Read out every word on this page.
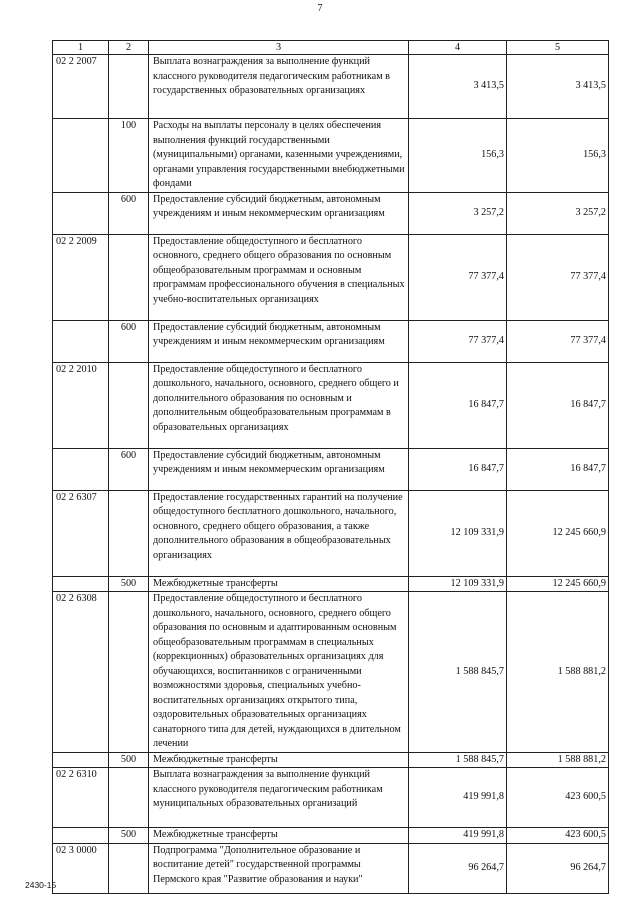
7
1	2	3	4	5
02 2 2007		Выплата вознаграждения за выполнение функций классного руководителя педагогическим работникам в государственных образовательных организациях	3 413,5	3 413,5
	100	Расходы на выплаты персоналу в целях обеспечения выполнения функций государственными (муниципальными) органами, казенными учреждениями, органами управления государственными внебюджетными фондами	156,3	156,3
	600	Предоставление субсидий бюджетным, автономным учреждениям и иным некоммерческим организациям	3 257,2	3 257,2
02 2 2009		Предоставление общедоступного и бесплатного основного, среднего общего образования по основным общеобразовательным программам и основным программам профессионального обучения в специальных учебно-воспитательных организациях	77 377,4	77 377,4
	600	Предоставление субсидий бюджетным, автономным учреждениям и иным некоммерческим организациям	77 377,4	77 377,4
02 2 2010		Предоставление общедоступного и бесплатного дошкольного, начального, основного, среднего общего и дополнительного образования по основным и дополнительным общеобразовательным программам в образовательных организациях	16 847,7	16 847,7
	600	Предоставление субсидий бюджетным, автономным учреждениям и иным некоммерческим организациям	16 847,7	16 847,7
02 2 6307		Предоставление государственных гарантий на получение общедоступного бесплатного дошкольного, начального, основного, среднего общего образования, а также дополнительного образования в общеобразовательных организациях	12 109 331,9	12 245 660,9
	500	Межбюджетные трансферты	12 109 331,9	12 245 660,9
02 2 6308		Предоставление общедоступного и бесплатного дошкольного, начального, основного, среднего общего образования по основным и адаптированным основным общеобразовательным программам в специальных (коррекционных) образовательных организациях для обучающихся, воспитанников с ограниченными возможностями здоровья, специальных учебно-воспитательных организациях открытого типа, оздоровительных образовательных организациях санаторного типа для детей, нуждающихся в длительном лечении	1 588 845,7	1 588 881,2
	500	Межбюджетные трансферты	1 588 845,7	1 588 881,2
02 2 6310		Выплата вознаграждения за выполнение функций классного руководителя педагогическим работникам муниципальных образовательных организаций	419 991,8	423 600,5
	500	Межбюджетные трансферты	419 991,8	423 600,5
02 3 0000		Подпрограмма "Дополнительное образование и воспитание детей" государственной программы Пермского края "Развитие образования и науки"	96 264,7	96 264,7
2430-15
